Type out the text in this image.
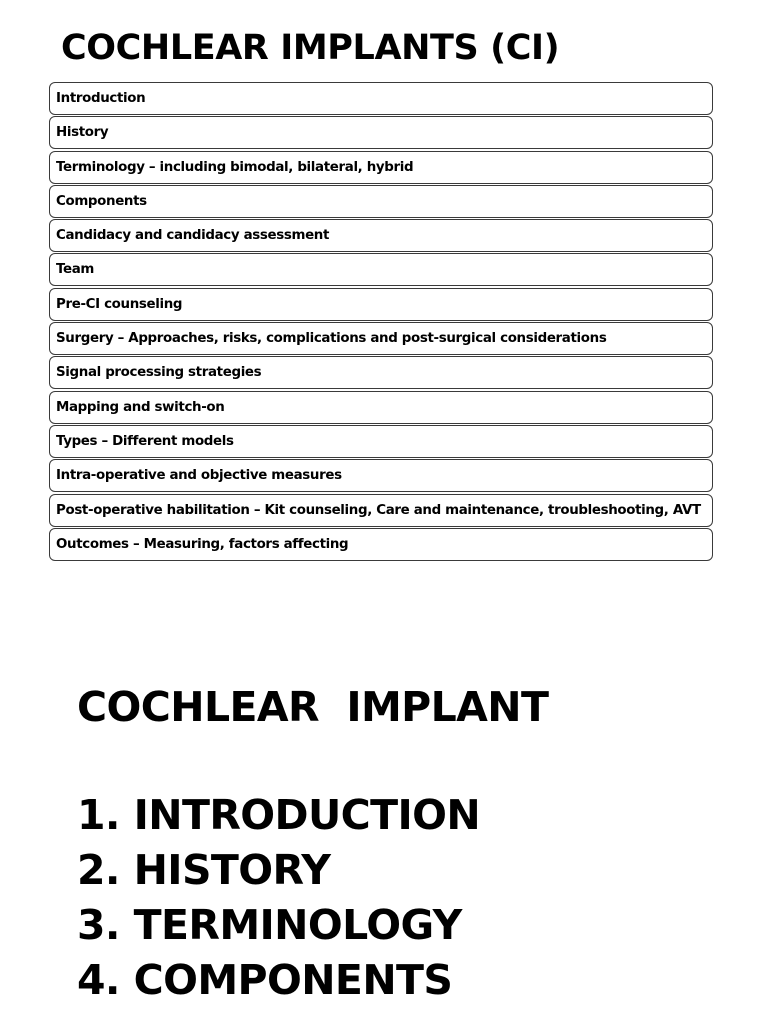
COCHLEAR IMPLANTS (CI)
Introduction
History
Terminology – including bimodal, bilateral, hybrid
Components
Candidacy and candidacy assessment
Team
Pre-CI counseling
Surgery – Approaches, risks, complications and post-surgical considerations
Signal processing strategies
Mapping and switch-on
Types – Different models
Intra-operative and objective measures
Post-operative habilitation – Kit counseling, Care and maintenance, troubleshooting, AVT
Outcomes – Measuring, factors affecting
COCHLEAR  IMPLANT
1. INTRODUCTION
2. HISTORY
3. TERMINOLOGY
4. COMPONENTS
